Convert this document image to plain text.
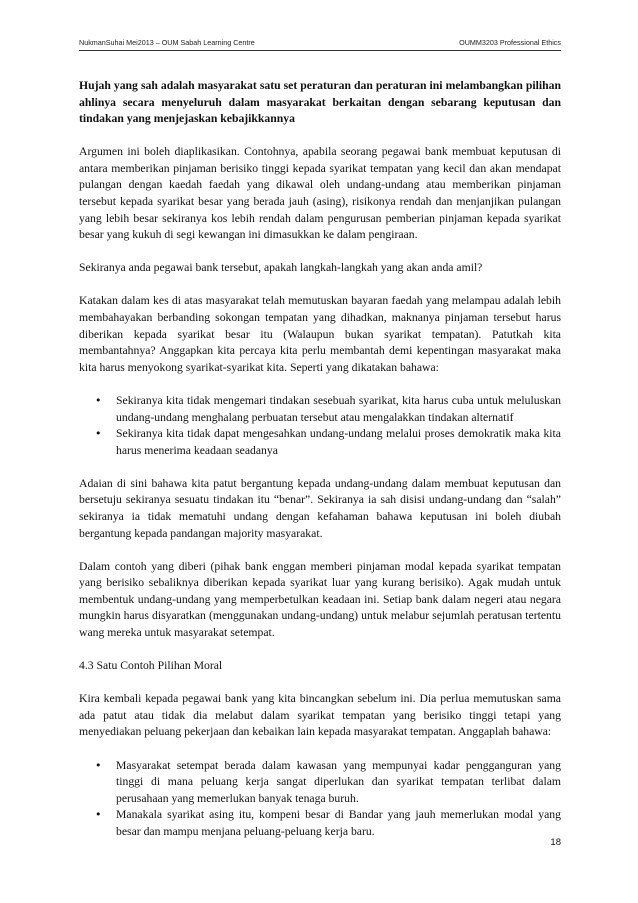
NukmanSuhai Mei2013 – OUM Sabah Learning Centre	OUMM3203 Professional Ethics

Hujah yang sah adalah masyarakat satu set peraturan dan peraturan ini melambangkan pilihan ahlinya secara menyeluruh dalam masyarakat berkaitan dengan sebarang keputusan dan tindakan yang menjejaskan kebajikkannya

Argumen ini boleh diaplikasikan. Contohnya, apabila seorang pegawai bank membuat keputusan di antara memberikan pinjaman berisiko tinggi kepada syarikat tempatan yang kecil dan akan mendapat pulangan dengan kaedah faedah yang dikawal oleh undang-undang atau memberikan pinjaman tersebut kepada syarikat besar yang berada jauh (asing), risikonya rendah dan menjanjikan pulangan yang lebih besar sekiranya kos lebih rendah dalam pengurusan pemberian pinjaman kepada syarikat besar yang kukuh di segi kewangan ini dimasukkan ke dalam pengiraan.

Sekiranya anda pegawai bank tersebut, apakah langkah-langkah yang akan anda amil?

Katakan dalam kes di atas masyarakat telah memutuskan bayaran faedah yang melampau adalah lebih membahayakan berbanding sokongan tempatan yang dihadkan, maknanya pinjaman tersebut harus diberikan kepada syarikat besar itu (Walaupun bukan syarikat tempatan). Patutkah kita membantahnya? Anggapkan kita percaya kita perlu membantah demi kepentingan masyarakat maka kita harus menyokong syarikat-syarikat kita. Seperti yang dikatakan bahawa:

• Sekiranya kita tidak mengemari tindakan sesebuah syarikat, kita harus cuba untuk meluluskan undang-undang menghalang perbuatan tersebut atau mengalakkan tindakan alternatif
• Sekiranya kita tidak dapat mengesahkan undang-undang melalui proses demokratik maka kita harus menerima keadaan seadanya

Adaian di sini bahawa kita patut bergantung kepada undang-undang dalam membuat keputusan dan bersetuju sekiranya sesuatu tindakan itu “benar”. Sekiranya ia sah disisi undang-undang dan “salah” sekiranya ia tidak mematuhi undang dengan kefahaman bahawa keputusan ini boleh diubah bergantung kepada pandangan majority masyarakat.

Dalam contoh yang diberi (pihak bank enggan memberi pinjaman modal kepada syarikat tempatan yang berisiko sebaliknya diberikan kepada syarikat luar yang kurang berisiko). Agak mudah untuk membentuk undang-undang yang memperbetulkan keadaan ini. Setiap bank dalam negeri atau negara mungkin harus disyaratkan (menggunakan undang-undang) untuk melabur sejumlah peratusan tertentu wang mereka untuk masyarakat setempat.

4.3 Satu Contoh Pilihan Moral

Kira kembali kepada pegawai bank yang kita bincangkan sebelum ini. Dia perlua memutuskan sama ada patut atau tidak dia melabut dalam syarikat tempatan yang berisiko tinggi tetapi yang menyediakan peluang pekerjaan dan kebaikan lain kepada masyarakat tempatan. Anggaplah bahawa:

• Masyarakat setempat berada dalam kawasan yang mempunyai kadar pengganguran yang tinggi di mana peluang kerja sangat diperlukan dan syarikat tempatan terlibat dalam perusahaan yang memerlukan banyak tenaga buruh.
• Manakala syarikat asing itu, kompeni besar di Bandar yang jauh memerlukan modal yang besar dan mampu menjana peluang-peluang kerja baru.
18
